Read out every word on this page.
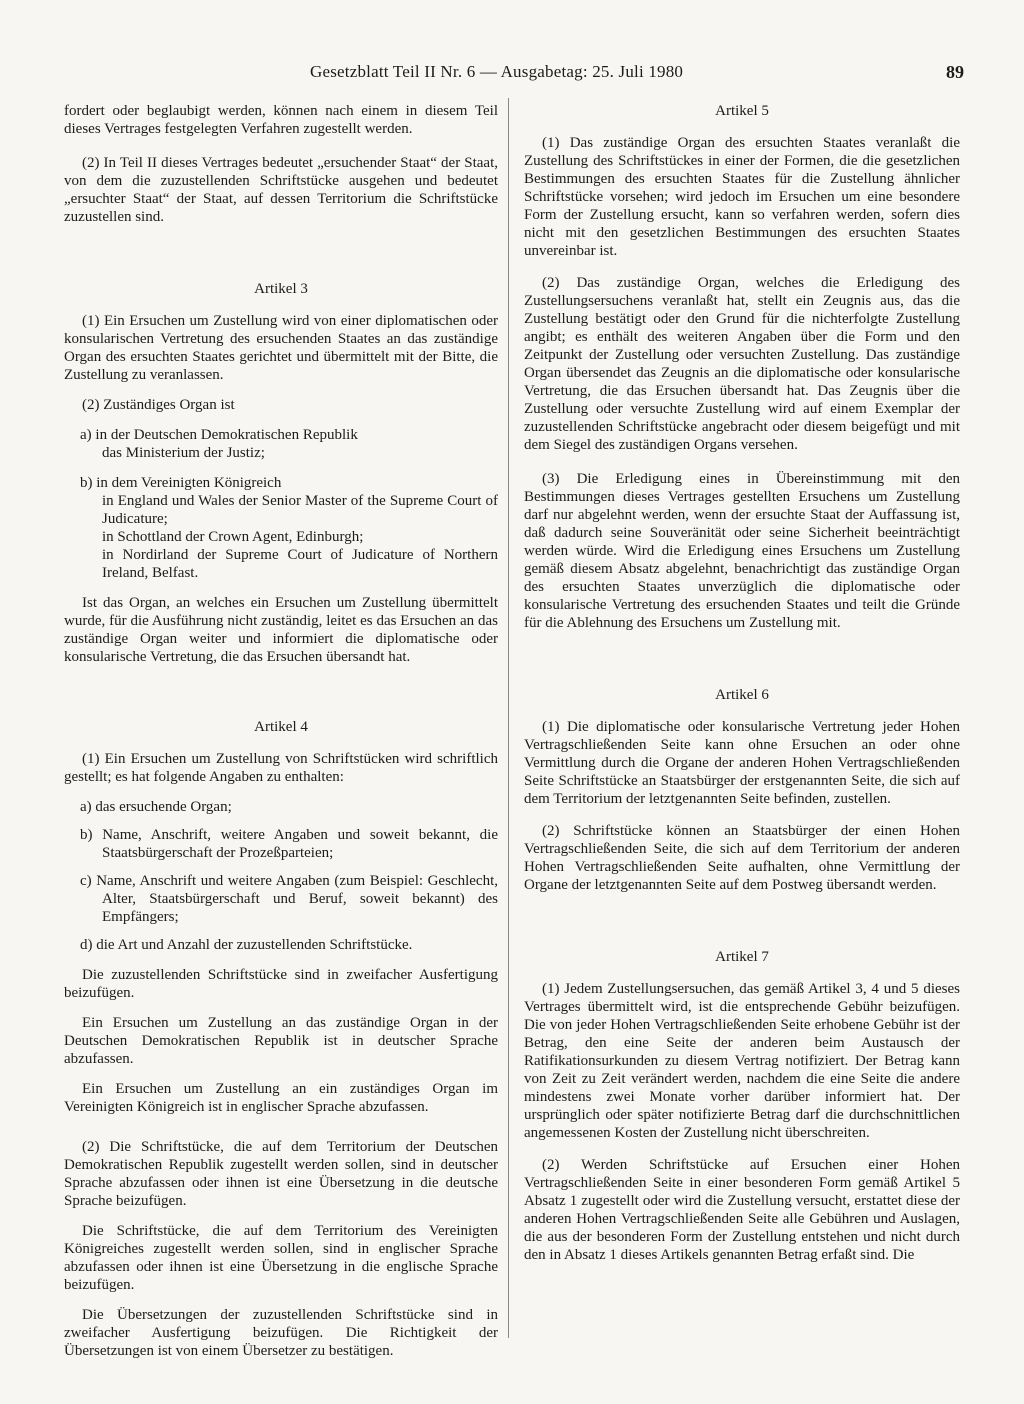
Gesetzblatt Teil II Nr. 6 — Ausgabetag: 25. Juli 1980	89

fordert oder beglaubigt werden, können nach einem in diesem Teil dieses Vertrages festgelegten Verfahren zugestellt werden.

(2) In Teil II dieses Vertrages bedeutet „ersuchender Staat“ der Staat, von dem die zuzustellenden Schriftstücke ausgehen und bedeutet „ersuchter Staat“ der Staat, auf dessen Territorium die Schriftstücke zuzustellen sind.

Artikel 3

(1) Ein Ersuchen um Zustellung wird von einer diplomatischen oder konsularischen Vertretung des ersuchenden Staates an das zuständige Organ des ersuchten Staates gerichtet und übermittelt mit der Bitte, die Zustellung zu veranlassen.

(2) Zuständiges Organ ist

a) in der Deutschen Demokratischen Republik

das Ministerium der Justiz;

b) in dem Vereinigten Königreich

in England und Wales der Senior Master of the Supreme Court of Judicature;

in Schottland der Crown Agent, Edinburgh;

in Nordirland der Supreme Court of Judicature of Northern Ireland, Belfast.

Ist das Organ, an welches ein Ersuchen um Zustellung übermittelt wurde, für die Ausführung nicht zuständig, leitet es das Ersuchen an das zuständige Organ weiter und informiert die diplomatische oder konsularische Vertretung, die das Ersuchen übersandt hat.

Artikel 4

(1) Ein Ersuchen um Zustellung von Schriftstücken wird schriftlich gestellt; es hat folgende Angaben zu enthalten:

a) das ersuchende Organ;

b) Name, Anschrift, weitere Angaben und soweit bekannt, die Staatsbürgerschaft der Prozeßparteien;

c) Name, Anschrift und weitere Angaben (zum Beispiel: Geschlecht, Alter, Staatsbürgerschaft und Beruf, soweit bekannt) des Empfängers;

d) die Art und Anzahl der zuzustellenden Schriftstücke.

Die zuzustellenden Schriftstücke sind in zweifacher Ausfertigung beizufügen.

Ein Ersuchen um Zustellung an das zuständige Organ in der Deutschen Demokratischen Republik ist in deutscher Sprache abzufassen.

Ein Ersuchen um Zustellung an ein zuständiges Organ im Vereinigten Königreich ist in englischer Sprache abzufassen.

(2) Die Schriftstücke, die auf dem Territorium der Deutschen Demokratischen Republik zugestellt werden sollen, sind in deutscher Sprache abzufassen oder ihnen ist eine Übersetzung in die deutsche Sprache beizufügen.

Die Schriftstücke, die auf dem Territorium des Vereinigten Königreiches zugestellt werden sollen, sind in englischer Sprache abzufassen oder ihnen ist eine Übersetzung in die englische Sprache beizufügen.

Die Übersetzungen der zuzustellenden Schriftstücke sind in zweifacher Ausfertigung beizufügen. Die Richtigkeit der Übersetzungen ist von einem Übersetzer zu bestätigen.

Artikel 5

(1) Das zuständige Organ des ersuchten Staates veranlaßt die Zustellung des Schriftstückes in einer der Formen, die die gesetzlichen Bestimmungen des ersuchten Staates für die Zustellung ähnlicher Schriftstücke vorsehen; wird jedoch im Ersuchen um eine besondere Form der Zustellung ersucht, kann so verfahren werden, sofern dies nicht mit den gesetzlichen Bestimmungen des ersuchten Staates unvereinbar ist.

(2) Das zuständige Organ, welches die Erledigung des Zustellungsersuchens veranlaßt hat, stellt ein Zeugnis aus, das die Zustellung bestätigt oder den Grund für die nichterfolgte Zustellung angibt; es enthält des weiteren Angaben über die Form und den Zeitpunkt der Zustellung oder versuchten Zustellung. Das zuständige Organ übersendet das Zeugnis an die diplomatische oder konsularische Vertretung, die das Ersuchen übersandt hat. Das Zeugnis über die Zustellung oder versuchte Zustellung wird auf einem Exemplar der zuzustellenden Schriftstücke angebracht oder diesem beigefügt und mit dem Siegel des zuständigen Organs versehen.

(3) Die Erledigung eines in Übereinstimmung mit den Bestimmungen dieses Vertrages gestellten Ersuchens um Zustellung darf nur abgelehnt werden, wenn der ersuchte Staat der Auffassung ist, daß dadurch seine Souveränität oder seine Sicherheit beeinträchtigt werden würde. Wird die Erledigung eines Ersuchens um Zustellung gemäß diesem Absatz abgelehnt, benachrichtigt das zuständige Organ des ersuchten Staates unverzüglich die diplomatische oder konsularische Vertretung des ersuchenden Staates und teilt die Gründe für die Ablehnung des Ersuchens um Zustellung mit.

Artikel 6

(1) Die diplomatische oder konsularische Vertretung jeder Hohen Vertragschließenden Seite kann ohne Ersuchen an oder ohne Vermittlung durch die Organe der anderen Hohen Vertragschließenden Seite Schriftstücke an Staatsbürger der erstgenannten Seite, die sich auf dem Territorium der letztgenannten Seite befinden, zustellen.

(2) Schriftstücke können an Staatsbürger der einen Hohen Vertragschließenden Seite, die sich auf dem Territorium der anderen Hohen Vertragschließenden Seite aufhalten, ohne Vermittlung der Organe der letztgenannten Seite auf dem Postweg übersandt werden.

Artikel 7

(1) Jedem Zustellungsersuchen, das gemäß Artikel 3, 4 und 5 dieses Vertrages übermittelt wird, ist die entsprechende Gebühr beizufügen. Die von jeder Hohen Vertragschließenden Seite erhobene Gebühr ist der Betrag, den eine Seite der anderen beim Austausch der Ratifikationsurkunden zu diesem Vertrag notifiziert. Der Betrag kann von Zeit zu Zeit verändert werden, nachdem die eine Seite die andere mindestens zwei Monate vorher darüber informiert hat. Der ursprünglich oder später notifizierte Betrag darf die durchschnittlichen angemessenen Kosten der Zustellung nicht überschreiten.

(2) Werden Schriftstücke auf Ersuchen einer Hohen Vertragschließenden Seite in einer besonderen Form gemäß Artikel 5 Absatz 1 zugestellt oder wird die Zustellung versucht, erstattet diese der anderen Hohen Vertragschließenden Seite alle Gebühren und Auslagen, die aus der besonderen Form der Zustellung entstehen und nicht durch den in Absatz 1 dieses Artikels genannten Betrag erfaßt sind. Die
